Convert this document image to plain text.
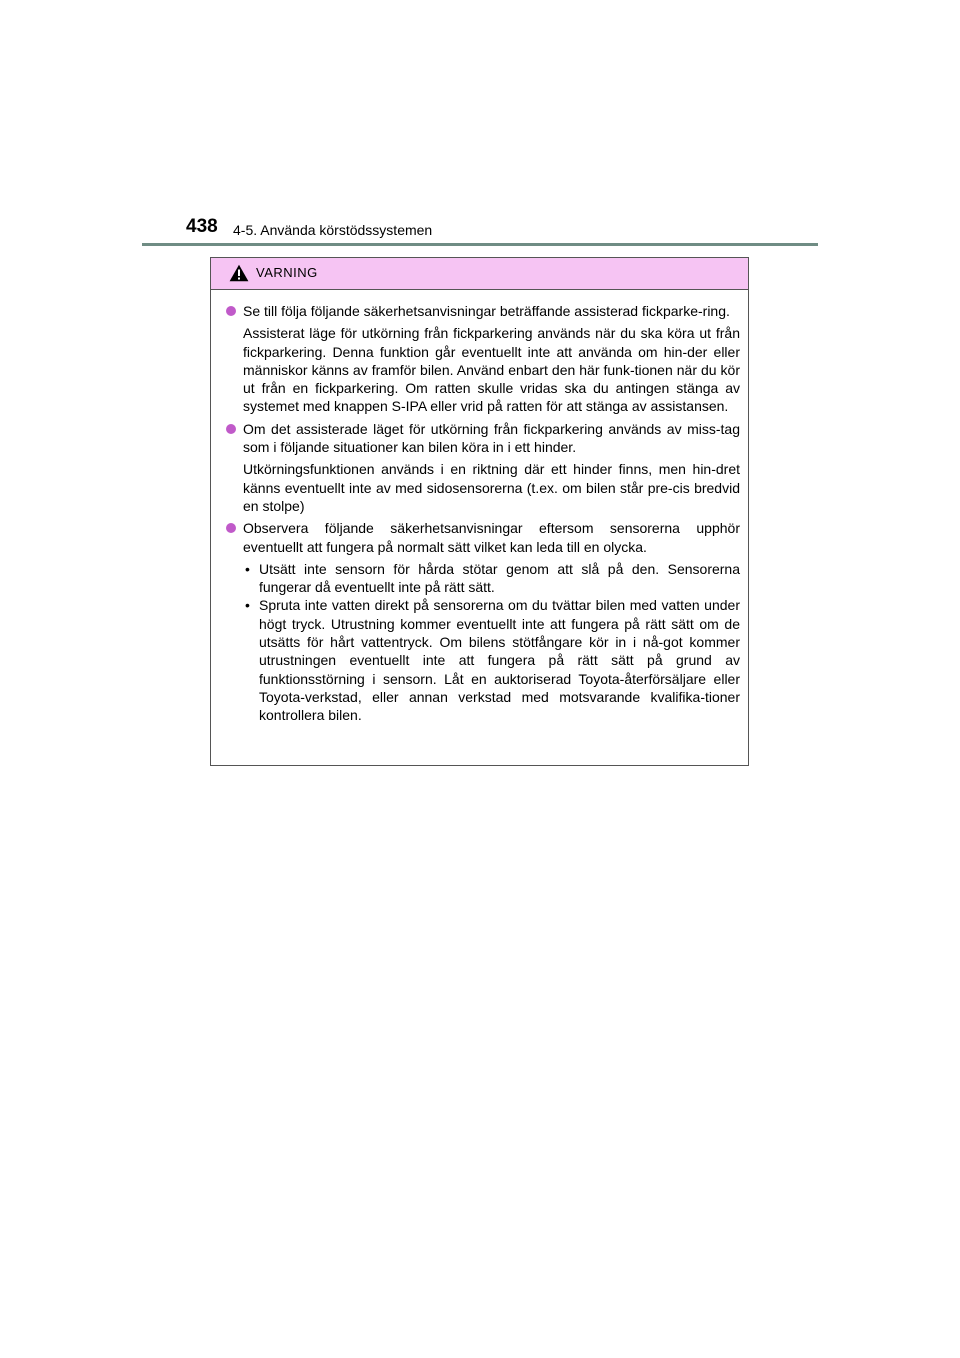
438 4-5. Använda körstödssystemen
VARNING

Se till följa följande säkerhetsanvisningar beträffande assisterad fickparke-ring.

Assisterat läge för utkörning från fickparkering används när du ska köra ut från fickparkering. Denna funktion går eventuellt inte att använda om hin-der eller människor känns av framför bilen. Använd enbart den här funk-tionen när du kör ut från en fickparkering. Om ratten skulle vridas ska du antingen stänga av systemet med knappen S-IPA eller vrid på ratten för att stänga av assistansen.

Om det assisterade läget för utkörning från fickparkering används av miss-tag som i följande situationer kan bilen köra in i ett hinder.

Utkörningsfunktionen används i en riktning där ett hinder finns, men hin-dret känns eventuellt inte av med sidosensorerna (t.ex. om bilen står pre-cis bredvid en stolpe)

Observera följande säkerhetsanvisningar eftersom sensorerna upphör eventuellt att fungera på normalt sätt vilket kan leda till en olycka.

• Utsätt inte sensorn för hårda stötar genom att slå på den. Sensorerna fungerar då eventuellt inte på rätt sätt.
• Spruta inte vatten direkt på sensorerna om du tvättar bilen med vatten under högt tryck. Utrustning kommer eventuellt inte att fungera på rätt sätt om de utsätts för hårt vattentryck. Om bilens stötfångare kör in i nå-got kommer utrustningen eventuellt inte att fungera på rätt sätt på grund av funktionsstörning i sensorn. Låt en auktoriserad Toyota-återförsäljare eller Toyota-verkstad, eller annan verkstad med motsvarande kvalifika-tioner kontrollera bilen.
